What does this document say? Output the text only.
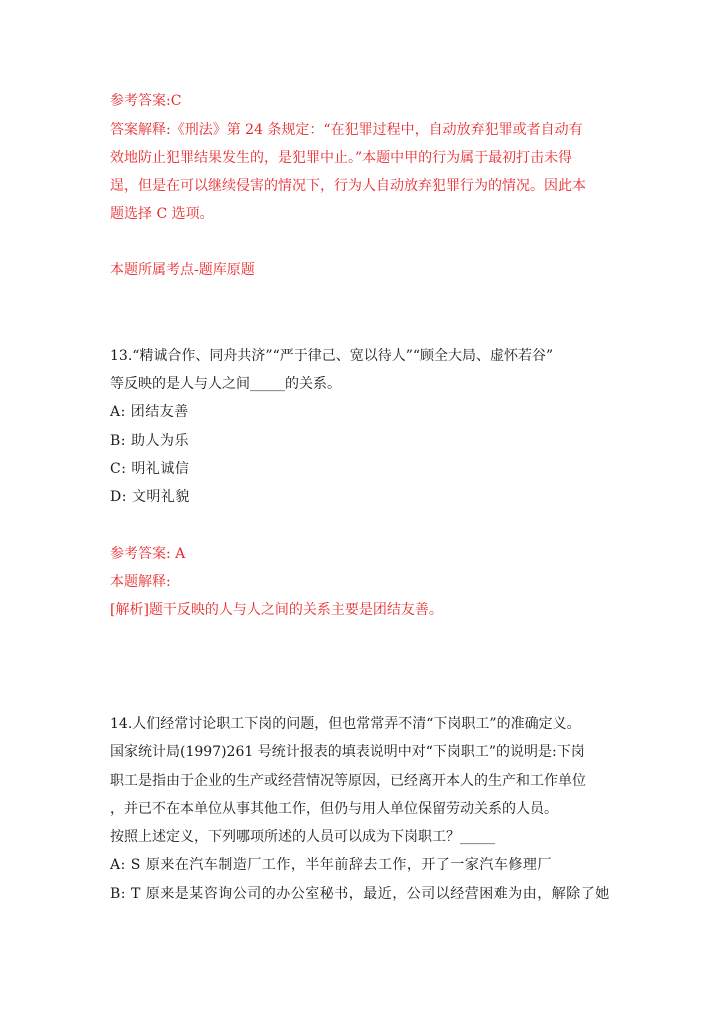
参考答案:C
答案解释:《刑法》第 24 条规定：“在犯罪过程中，自动放弃犯罪或者自动有
效地防止犯罪结果发生的，是犯罪中止。”本题中甲的行为属于最初打击未得
逞，但是在可以继续侵害的情况下，行为人自动放弃犯罪行为的情况。因此本
题选择 C 选项。
本题所属考点-题库原题
13.“精诚合作、同舟共济”“严于律己、宽以待人”“顾全大局、虚怀若谷”
等反映的是人与人之间_____的关系。
A: 团结友善
B: 助人为乐
C: 明礼诚信
D: 文明礼貌
参考答案: A
本题解释:
[解析]题干反映的人与人之间的关系主要是团结友善。
14.人们经常讨论职工下岗的问题，但也常常弄不清“下岗职工”的准确定义。
国家统计局(1997)261 号统计报表的填表说明中对“下岗职工”的说明是:下岗
职工是指由于企业的生产或经营情况等原因，已经离开本人的生产和工作单位
，并已不在本单位从事其他工作，但仍与用人单位保留劳动关系的人员。
按照上述定义，下列哪项所述的人员可以成为下岗职工？_____
A: S 原来在汽车制造厂工作，半年前辞去工作，开了一家汽车修理厂
B: T 原来是某咨询公司的办公室秘书，最近，公司以经营困难为由，解除了她
